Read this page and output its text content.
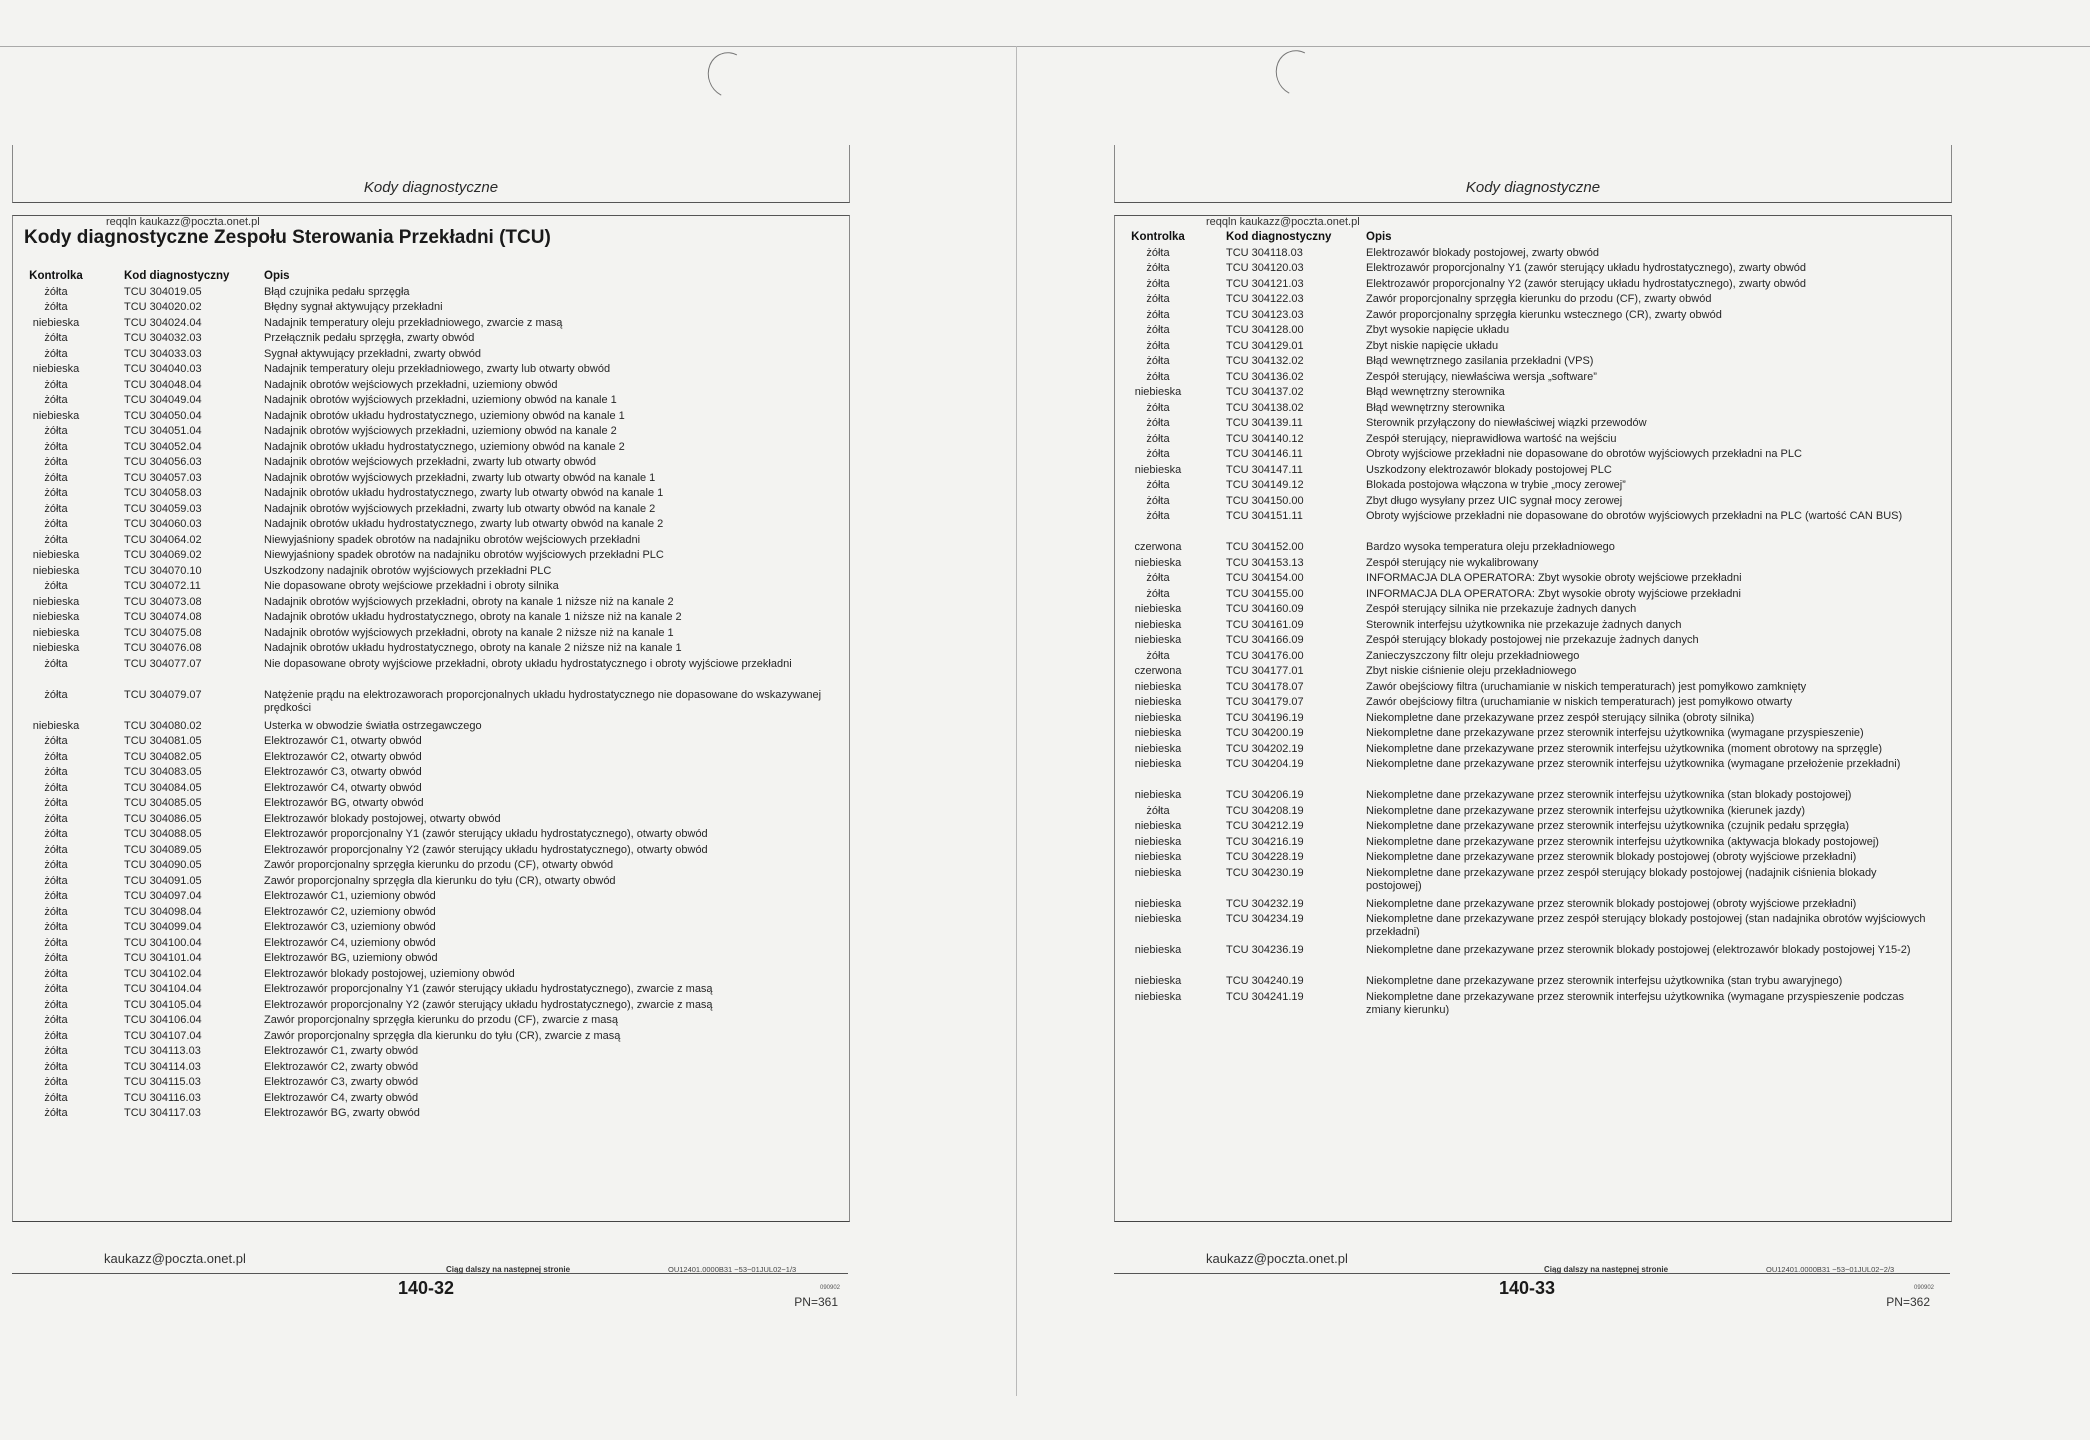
Kody diagnostyczne
reqqln kaukazz@poczta.onet.pl
Kody diagnostyczne Zespołu Sterowania Przekładni (TCU)
Kontrolka	Kod diagnostyczny	Opis
żółta	TCU 304019.05	Błąd czujnika pedału sprzęgła
żółta	TCU 304020.02	Błędny sygnał aktywujący przekładni
niebieska	TCU 304024.04	Nadajnik temperatury oleju przekładniowego, zwarcie z masą
żółta	TCU 304032.03	Przełącznik pedału sprzęgła, zwarty obwód
żółta	TCU 304033.03	Sygnał aktywujący przekładni, zwarty obwód
niebieska	TCU 304040.03	Nadajnik temperatury oleju przekładniowego, zwarty lub otwarty obwód
żółta	TCU 304048.04	Nadajnik obrotów wejściowych przekładni, uziemiony obwód
żółta	TCU 304049.04	Nadajnik obrotów wyjściowych przekładni, uziemiony obwód na kanale 1
niebieska	TCU 304050.04	Nadajnik obrotów układu hydrostatycznego, uziemiony obwód na kanale 1
żółta	TCU 304051.04	Nadajnik obrotów wyjściowych przekładni, uziemiony obwód na kanale 2
żółta	TCU 304052.04	Nadajnik obrotów układu hydrostatycznego, uziemiony obwód na kanale 2
żółta	TCU 304056.03	Nadajnik obrotów wejściowych przekładni, zwarty lub otwarty obwód
żółta	TCU 304057.03	Nadajnik obrotów wyjściowych przekładni, zwarty lub otwarty obwód na kanale 1
żółta	TCU 304058.03	Nadajnik obrotów układu hydrostatycznego, zwarty lub otwarty obwód na kanale 1
żółta	TCU 304059.03	Nadajnik obrotów wyjściowych przekładni, zwarty lub otwarty obwód na kanale 2
żółta	TCU 304060.03	Nadajnik obrotów układu hydrostatycznego, zwarty lub otwarty obwód na kanale 2
żółta	TCU 304064.02	Niewyjaśniony spadek obrotów na nadajniku obrotów wejściowych przekładni
niebieska	TCU 304069.02	Niewyjaśniony spadek obrotów na nadajniku obrotów wyjściowych przekładni PLC
niebieska	TCU 304070.10	Uszkodzony nadajnik obrotów wyjściowych przekładni PLC
żółta	TCU 304072.11	Nie dopasowane obroty wejściowe przekładni i obroty silnika
niebieska	TCU 304073.08	Nadajnik obrotów wyjściowych przekładni, obroty na kanale 1 niższe niż na kanale 2
niebieska	TCU 304074.08	Nadajnik obrotów układu hydrostatycznego, obroty na kanale 1 niższe niż na kanale 2
niebieska	TCU 304075.08	Nadajnik obrotów wyjściowych przekładni, obroty na kanale 2 niższe niż na kanale 1
niebieska	TCU 304076.08	Nadajnik obrotów układu hydrostatycznego, obroty na kanale 2 niższe niż na kanale 1
żółta	TCU 304077.07	Nie dopasowane obroty wyjściowe przekładni, obroty układu hydrostatycznego i obroty wyjściowe przekładni
żółta	TCU 304079.07	Natężenie prądu na elektrozaworach proporcjonalnych układu hydrostatycznego nie dopasowane do wskazywanej prędkości
niebieska	TCU 304080.02	Usterka w obwodzie światła ostrzegawczego
żółta	TCU 304081.05	Elektrozawór C1, otwarty obwód
żółta	TCU 304082.05	Elektrozawór C2, otwarty obwód
żółta	TCU 304083.05	Elektrozawór C3, otwarty obwód
żółta	TCU 304084.05	Elektrozawór C4, otwarty obwód
żółta	TCU 304085.05	Elektrozawór BG, otwarty obwód
żółta	TCU 304086.05	Elektrozawór blokady postojowej, otwarty obwód
żółta	TCU 304088.05	Elektrozawór proporcjonalny Y1 (zawór sterujący układu hydrostatycznego), otwarty obwód
żółta	TCU 304089.05	Elektrozawór proporcjonalny Y2 (zawór sterujący układu hydrostatycznego), otwarty obwód
żółta	TCU 304090.05	Zawór proporcjonalny sprzęgła kierunku do przodu (CF), otwarty obwód
żółta	TCU 304091.05	Zawór proporcjonalny sprzęgła dla kierunku do tyłu (CR), otwarty obwód
żółta	TCU 304097.04	Elektrozawór C1, uziemiony obwód
żółta	TCU 304098.04	Elektrozawór C2, uziemiony obwód
żółta	TCU 304099.04	Elektrozawór C3, uziemiony obwód
żółta	TCU 304100.04	Elektrozawór C4, uziemiony obwód
żółta	TCU 304101.04	Elektrozawór BG, uziemiony obwód
żółta	TCU 304102.04	Elektrozawór blokady postojowej, uziemiony obwód
żółta	TCU 304104.04	Elektrozawór proporcjonalny Y1 (zawór sterujący układu hydrostatycznego), zwarcie z masą
żółta	TCU 304105.04	Elektrozawór proporcjonalny Y2 (zawór sterujący układu hydrostatycznego), zwarcie z masą
żółta	TCU 304106.04	Zawór proporcjonalny sprzęgła kierunku do przodu (CF), zwarcie z masą
żółta	TCU 304107.04	Zawór proporcjonalny sprzęgła dla kierunku do tyłu (CR), zwarcie z masą
żółta	TCU 304113.03	Elektrozawór C1, zwarty obwód
żółta	TCU 304114.03	Elektrozawór C2, zwarty obwód
żółta	TCU 304115.03	Elektrozawór C3, zwarty obwód
żółta	TCU 304116.03	Elektrozawór C4, zwarty obwód
żółta	TCU 304117.03	Elektrozawór BG, zwarty obwód
kaukazz@poczta.onet.pl
Ciąg dalszy na następnej stronie	OU12401.0000B31 −53−01JUL02−1/3
140-32	090902
PN=361
Kody diagnostyczne
reqqln kaukazz@poczta.onet.pl
Kontrolka	Kod diagnostyczny	Opis
żółta	TCU 304118.03	Elektrozawór blokady postojowej, zwarty obwód
żółta	TCU 304120.03	Elektrozawór proporcjonalny Y1 (zawór sterujący układu hydrostatycznego), zwarty obwód
żółta	TCU 304121.03	Elektrozawór proporcjonalny Y2 (zawór sterujący układu hydrostatycznego), zwarty obwód
żółta	TCU 304122.03	Zawór proporcjonalny sprzęgła kierunku do przodu (CF), zwarty obwód
żółta	TCU 304123.03	Zawór proporcjonalny sprzęgła kierunku wstecznego (CR), zwarty obwód
żółta	TCU 304128.00	Zbyt wysokie napięcie układu
żółta	TCU 304129.01	Zbyt niskie napięcie układu
żółta	TCU 304132.02	Błąd wewnętrznego zasilania przekładni (VPS)
żółta	TCU 304136.02	Zespół sterujący, niewłaściwa wersja „software”
niebieska	TCU 304137.02	Błąd wewnętrzny sterownika
żółta	TCU 304138.02	Błąd wewnętrzny sterownika
żółta	TCU 304139.11	Sterownik przyłączony do niewłaściwej wiązki przewodów
żółta	TCU 304140.12	Zespół sterujący, nieprawidłowa wartość na wejściu
żółta	TCU 304146.11	Obroty wyjściowe przekładni nie dopasowane do obrotów wyjściowych przekładni na PLC
niebieska	TCU 304147.11	Uszkodzony elektrozawór blokady postojowej PLC
żółta	TCU 304149.12	Blokada postojowa włączona w trybie „mocy zerowej”
żółta	TCU 304150.00	Zbyt długo wysyłany przez UIC sygnał mocy zerowej
żółta	TCU 304151.11	Obroty wyjściowe przekładni nie dopasowane do obrotów wyjściowych przekładni na PLC (wartość CAN BUS)
czerwona	TCU 304152.00	Bardzo wysoka temperatura oleju przekładniowego
niebieska	TCU 304153.13	Zespół sterujący nie wykalibrowany
żółta	TCU 304154.00	INFORMACJA DLA OPERATORA: Zbyt wysokie obroty wejściowe przekładni
żółta	TCU 304155.00	INFORMACJA DLA OPERATORA: Zbyt wysokie obroty wyjściowe przekładni
niebieska	TCU 304160.09	Zespół sterujący silnika nie przekazuje żadnych danych
niebieska	TCU 304161.09	Sterownik interfejsu użytkownika nie przekazuje żadnych danych
niebieska	TCU 304166.09	Zespół sterujący blokady postojowej nie przekazuje żadnych danych
żółta	TCU 304176.00	Zanieczyszczony filtr oleju przekładniowego
czerwona	TCU 304177.01	Zbyt niskie ciśnienie oleju przekładniowego
niebieska	TCU 304178.07	Zawór obejściowy filtra (uruchamianie w niskich temperaturach) jest pomyłkowo zamknięty
niebieska	TCU 304179.07	Zawór obejściowy filtra (uruchamianie w niskich temperaturach) jest pomyłkowo otwarty
niebieska	TCU 304196.19	Niekompletne dane przekazywane przez zespół sterujący silnika (obroty silnika)
niebieska	TCU 304200.19	Niekompletne dane przekazywane przez sterownik interfejsu użytkownika (wymagane przyspieszenie)
niebieska	TCU 304202.19	Niekompletne dane przekazywane przez sterownik interfejsu użytkownika (moment obrotowy na sprzęgle)
niebieska	TCU 304204.19	Niekompletne dane przekazywane przez sterownik interfejsu użytkownika (wymagane przełożenie przekładni)
niebieska	TCU 304206.19	Niekompletne dane przekazywane przez sterownik interfejsu użytkownika (stan blokady postojowej)
żółta	TCU 304208.19	Niekompletne dane przekazywane przez sterownik interfejsu użytkownika (kierunek jazdy)
niebieska	TCU 304212.19	Niekompletne dane przekazywane przez sterownik interfejsu użytkownika (czujnik pedału sprzęgła)
niebieska	TCU 304216.19	Niekompletne dane przekazywane przez sterownik interfejsu użytkownika (aktywacja blokady postojowej)
niebieska	TCU 304228.19	Niekompletne dane przekazywane przez sterownik blokady postojowej (obroty wyjściowe przekładni)
niebieska	TCU 304230.19	Niekompletne dane przekazywane przez zespół sterujący blokady postojowej (nadajnik ciśnienia blokady postojowej)
niebieska	TCU 304232.19	Niekompletne dane przekazywane przez sterownik blokady postojowej (obroty wyjściowe przekładni)
niebieska	TCU 304234.19	Niekompletne dane przekazywane przez zespół sterujący blokady postojowej (stan nadajnika obrotów wyjściowych przekładni)
niebieska	TCU 304236.19	Niekompletne dane przekazywane przez sterownik blokady postojowej (elektrozawór blokady postojowej Y15-2)
niebieska	TCU 304240.19	Niekompletne dane przekazywane przez sterownik interfejsu użytkownika (stan trybu awaryjnego)
niebieska	TCU 304241.19	Niekompletne dane przekazywane przez sterownik interfejsu użytkownika (wymagane przyspieszenie podczas zmiany kierunku)
kaukazz@poczta.onet.pl
Ciąg dalszy na następnej stronie	OU12401.0000B31 −53−01JUL02−2/3
140-33	090902
PN=362
